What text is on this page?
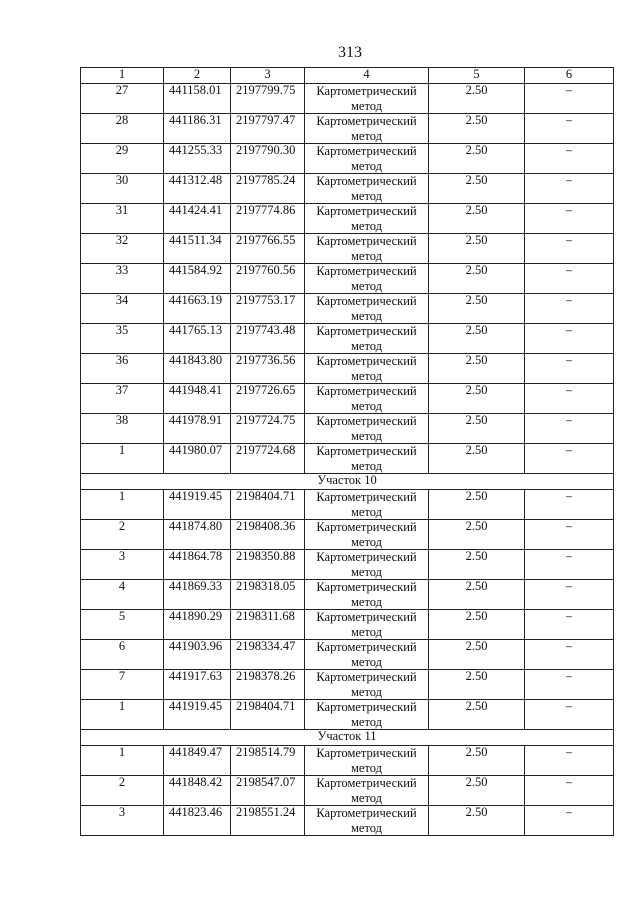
313
1	2	3	4	5	6
27	441158.01	2197799.75	Картометрический метод	2.50	–
28	441186.31	2197797.47	Картометрический метод	2.50	–
29	441255.33	2197790.30	Картометрический метод	2.50	–
30	441312.48	2197785.24	Картометрический метод	2.50	–
31	441424.41	2197774.86	Картометрический метод	2.50	–
32	441511.34	2197766.55	Картометрический метод	2.50	–
33	441584.92	2197760.56	Картометрический метод	2.50	–
34	441663.19	2197753.17	Картометрический метод	2.50	–
35	441765.13	2197743.48	Картометрический метод	2.50	–
36	441843.80	2197736.56	Картометрический метод	2.50	–
37	441948.41	2197726.65	Картометрический метод	2.50	–
38	441978.91	2197724.75	Картометрический метод	2.50	–
1	441980.07	2197724.68	Картометрический метод	2.50	–
Участок 10					
1	441919.45	2198404.71	Картометрический метод	2.50	–
2	441874.80	2198408.36	Картометрический метод	2.50	–
3	441864.78	2198350.88	Картометрический метод	2.50	–
4	441869.33	2198318.05	Картометрический метод	2.50	–
5	441890.29	2198311.68	Картометрический метод	2.50	–
6	441903.96	2198334.47	Картометрический метод	2.50	–
7	441917.63	2198378.26	Картометрический метод	2.50	–
1	441919.45	2198404.71	Картометрический метод	2.50	–
Участок 11					
1	441849.47	2198514.79	Картометрический метод	2.50	–
2	441848.42	2198547.07	Картометрический метод	2.50	–
3	441823.46	2198551.24	Картометрический метод	2.50	–
